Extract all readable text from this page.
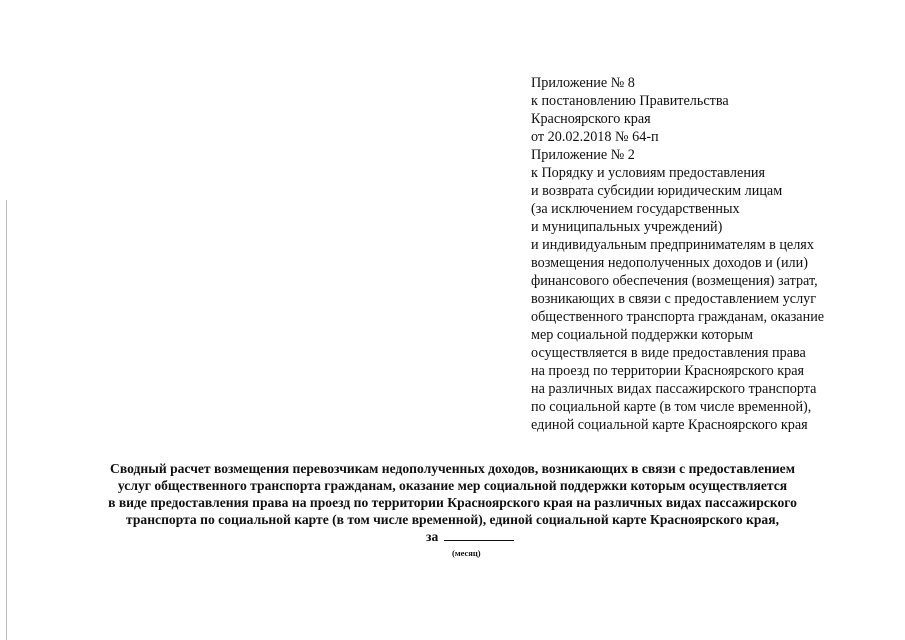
Приложение № 8
к постановлению Правительства
Красноярского края
от 20.02.2018 № 64-п
Приложение № 2
к Порядку и условиям предоставления
и возврата субсидии юридическим лицам
(за исключением государственных
и муниципальных учреждений)
и индивидуальным предпринимателям в целях
возмещения недополученных доходов и (или)
финансового обеспечения (возмещения) затрат,
возникающих в связи с предоставлением услуг
общественного транспорта гражданам, оказание
мер социальной поддержки которым
осуществляется в виде предоставления права
на проезд по территории Красноярского края
на различных видах пассажирского транспорта
по социальной карте (в том числе временной),
единой социальной карте Красноярского края
Сводный расчет возмещения перевозчикам недополученных доходов, возникающих в связи с предоставлением
услуг общественного транспорта гражданам, оказание мер социальной поддержки которым осуществляется
в виде предоставления права на проезд по территории Красноярского края на различных видах пассажирского
транспорта по социальной карте (в том числе временной), единой социальной карте Красноярского края,
за
(месяц)
